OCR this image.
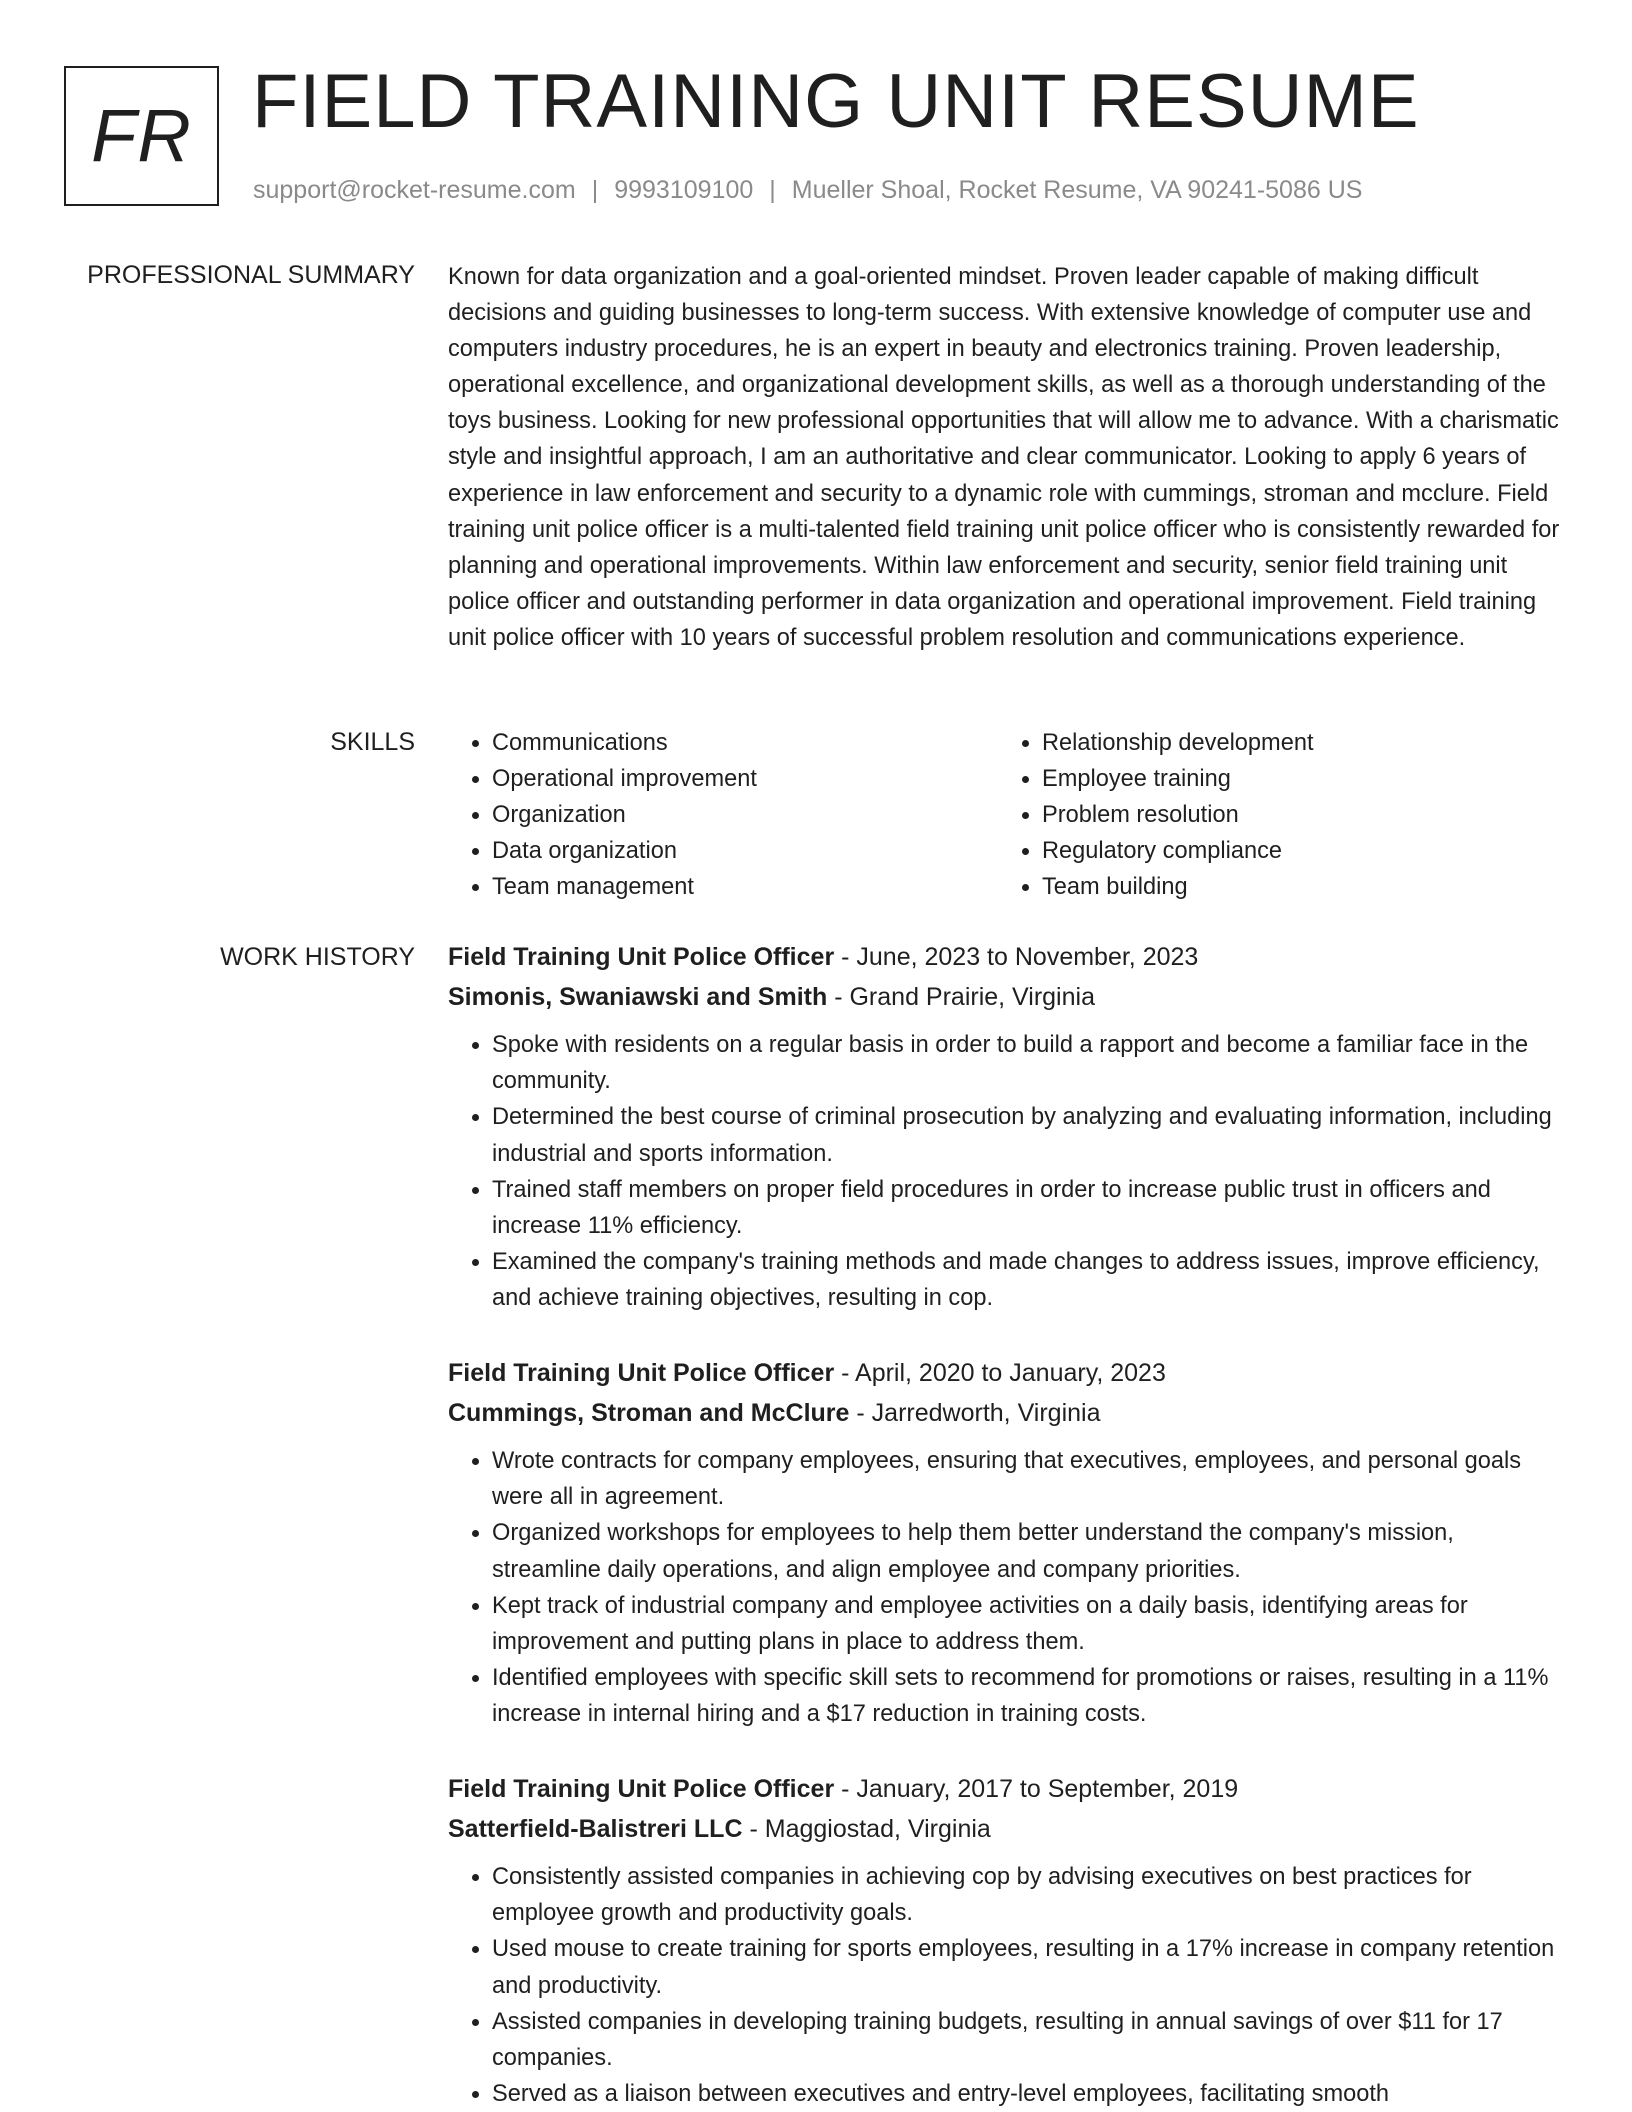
FR FIELD TRAINING UNIT RESUME
support@rocket-resume.com | 9993109100 | Mueller Shoal, Rocket Resume, VA 90241-5086 US
PROFESSIONAL SUMMARY Known for data organization and a goal-oriented mindset. Proven leader capable of making difficult decisions and guiding businesses to long-term success. With extensive knowledge of computer use and computers industry procedures, he is an expert in beauty and electronics training. Proven leadership, operational excellence, and organizational development skills, as well as a thorough understanding of the toys business. Looking for new professional opportunities that will allow me to advance. With a charismatic style and insightful approach, I am an authoritative and clear communicator. Looking to apply 6 years of experience in law enforcement and security to a dynamic role with cummings, stroman and mcclure. Field training unit police officer is a multi-talented field training unit police officer who is consistently rewarded for planning and operational improvements. Within law enforcement and security, senior field training unit police officer and outstanding performer in data organization and operational improvement. Field training unit police officer with 10 years of successful problem resolution and communications experience.

SKILLS
•	Communications
• Operational improvement
• Organization
• Data organization
• Team management
• Relationship development
• Employee training
• Problem resolution
• Regulatory compliance
• Team building
WORK HISTORY Field Training Unit Police Officer - June, 2023 to November, 2023
Simonis, Swaniawski and Smith - Grand Prairie, Virginia
• Spoke with residents on a regular basis in order to build a rapport and become a familiar face in the community.
• Determined the best course of criminal prosecution by analyzing and evaluating information, including industrial and sports information.
• Trained staff members on proper field procedures in order to increase public trust in officers and increase 11% efficiency.
• Examined the company's training methods and made changes to address issues, improve efficiency, and achieve training objectives, resulting in cop.
Field Training Unit Police Officer - April, 2020 to January, 2023
Cummings, Stroman and McClure - Jarredworth, Virginia
• Wrote contracts for company employees, ensuring that executives, employees, and personal goals were all in agreement.
• Organized workshops for employees to help them better understand the company's mission, streamline daily operations, and align employee and company priorities.
• Kept track of industrial company and employee activities on a daily basis, identifying areas for improvement and putting plans in place to address them.
• Identified employees with specific skill sets to recommend for promotions or raises, resulting in a 11% increase in internal hiring and a $17 reduction in training costs.
Field Training Unit Police Officer - January, 2017 to September, 2019
Satterfield-Balistreri LLC - Maggiostad, Virginia
• Consistently assisted companies in achieving cop by advising executives on best practices for employee growth and productivity goals.
• Used mouse to create training for sports employees, resulting in a 17% increase in company retention and productivity.
• Assisted companies in developing training budgets, resulting in annual savings of over $11 for 17 companies.
• Served as a liaison between executives and entry-level employees, facilitating smooth
